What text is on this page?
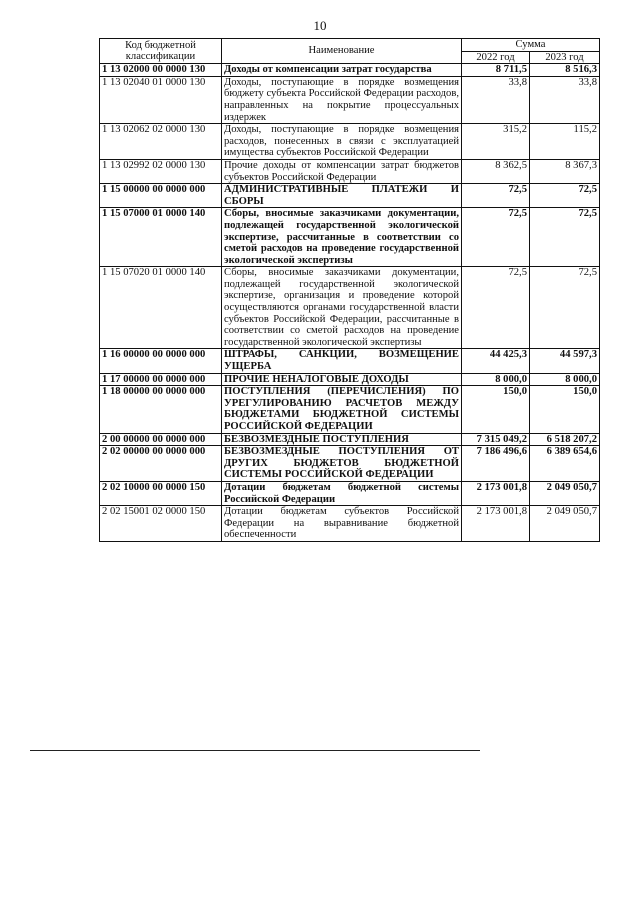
10
Код бюджетной классификации	Наименование	Сумма	
		2022 год	2023 год
1 13 02000 00 0000 130	Доходы от компенсации затрат государства	8 711,5	8 516,3
1 13 02040 01 0000 130	Доходы, поступающие в порядке возмещения бюджету субъекта Российской Федерации расходов, направленных на покрытие процессуальных издержек	33,8	33,8
1 13 02062 02 0000 130	Доходы, поступающие в порядке возмещения расходов, понесенных в связи с эксплуатацией имущества субъектов Российской Федерации	315,2	115,2
1 13 02992 02 0000 130	Прочие доходы от компенсации затрат бюджетов субъектов Российской Федерации	8 362,5	8 367,3
1 15 00000 00 0000 000	АДМИНИСТРАТИВНЫЕ ПЛАТЕЖИ И СБОРЫ	72,5	72,5
1 15 07000 01 0000 140	Сборы, вносимые заказчиками документации, подлежащей государственной экологической экспертизе, рассчитанные в соответствии со сметой расходов на проведение государственной экологической экспертизы	72,5	72,5
1 15 07020 01 0000 140	Сборы, вносимые заказчиками документации, подлежащей государственной экологической экспертизе, организация и проведение которой осуществляются органами государственной власти субъектов Российской Федерации, рассчитанные в соответствии со сметой расходов на проведение государственной экологической экспертизы	72,5	72,5
1 16 00000 00 0000 000	ШТРАФЫ, САНКЦИИ, ВОЗМЕЩЕНИЕ УЩЕРБА	44 425,3	44 597,3
1 17 00000 00 0000 000	ПРОЧИЕ НЕНАЛОГОВЫЕ ДОХОДЫ	8 000,0	8 000,0
1 18 00000 00 0000 000	ПОСТУПЛЕНИЯ (ПЕРЕЧИСЛЕНИЯ) ПО УРЕГУЛИРОВАНИЮ РАСЧЕТОВ МЕЖДУ БЮДЖЕТАМИ БЮДЖЕТНОЙ СИСТЕМЫ РОССИЙСКОЙ ФЕДЕРАЦИИ	150,0	150,0
2 00 00000 00 0000 000	БЕЗВОЗМЕЗДНЫЕ ПОСТУПЛЕНИЯ	7 315 049,2	6 518 207,2
2 02 00000 00 0000 000	БЕЗВОЗМЕЗДНЫЕ ПОСТУПЛЕНИЯ ОТ ДРУГИХ БЮДЖЕТОВ БЮДЖЕТНОЙ СИСТЕМЫ РОССИЙСКОЙ ФЕДЕРАЦИИ	7 186 496,6	6 389 654,6
2 02 10000 00 0000 150	Дотации бюджетам бюджетной системы Российской Федерации	2 173 001,8	2 049 050,7
2 02 15001 02 0000 150	Дотации бюджетам субъектов Российской Федерации на выравнивание бюджетной обеспеченности	2 173 001,8	2 049 050,7
